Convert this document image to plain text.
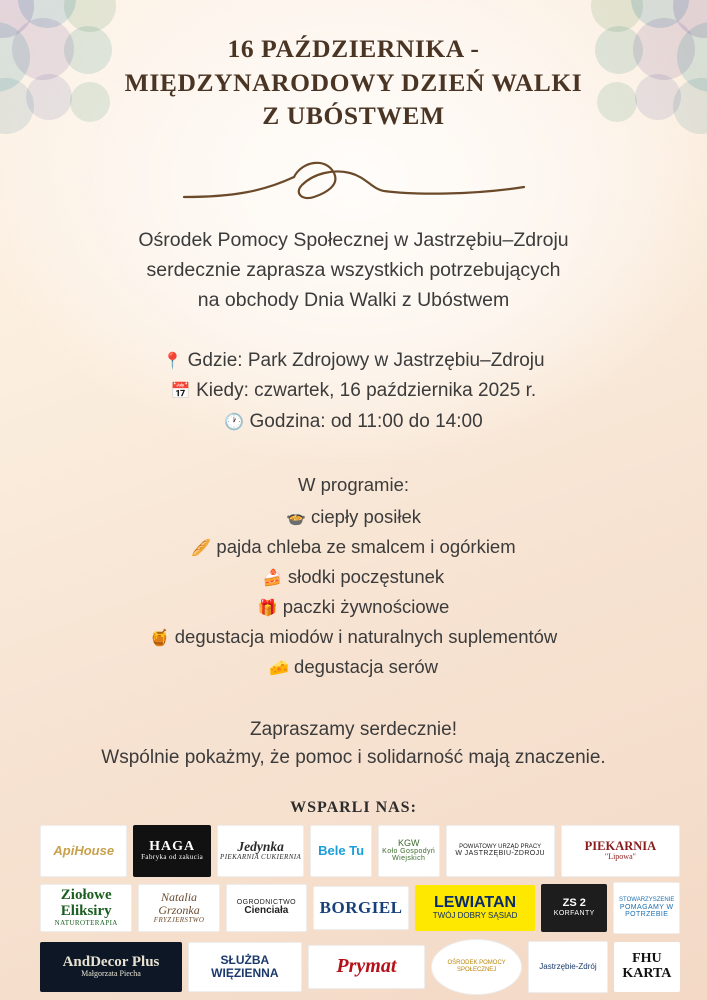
16 PAŹDZIERNIKA -
MIĘDZYNARODOWY DZIEŃ WALKI
Z UBÓSTWEM

Ośrodek Pomocy Społecznej w Jastrzębiu–Zdroju
serdecznie zaprasza wszystkich potrzebujących
na obchody Dnia Walki z Ubóstwem

📍 Gdzie: Park Zdrojowy w Jastrzębiu–Zdroju
📅 Kiedy: czwartek, 16 października 2025 r.
🕐 Godzina: od 11:00 do 14:00

W programie:

🍲 ciepły posiłek
🥖 pajda chleba ze smalcem i ogórkiem
🍰 słodki poczęstunek
🎁 paczki żywnościowe
🍯 degustacja miodów i naturalnych suplementów
🧀 degustacja serów

Zapraszamy serdecznie!
Wspólnie pokażmy, że pomoc i solidarność mają znaczenie.

WSPARLI NAS:

ApiHouse	HAGA
Fabryka od zakucia
Jedynka
PIEKARNIA CUKIERNIA Bele Tu
KGW
Koło Gospodyń Wiejskich
POWIATOWY URZĄD PRACY
W JASTRZĘBIU-ZDROJU
PIEKARNIA
"Lipowa"
Ziołowe Eliksiry
NATUROTERAPIA
Natalia Grzonka
FRYZJERSTWO
OGRODNICTWO
Cienciała	BORGIEL LEWIATAN
TWÓJ DOBRY SĄSIAD
ZS 2
KORFANTY
STOWARZYSZENIE
POMAGAMY W POTRZEBIE
AndDecor Plus
Małgorzata Piecha
SŁUŻBA WIĘZIENNA	Prymat	OŚRODEK POMOCY SPOŁECZNEJ	Jastrzębie-Zdrój	FHU KARTA
